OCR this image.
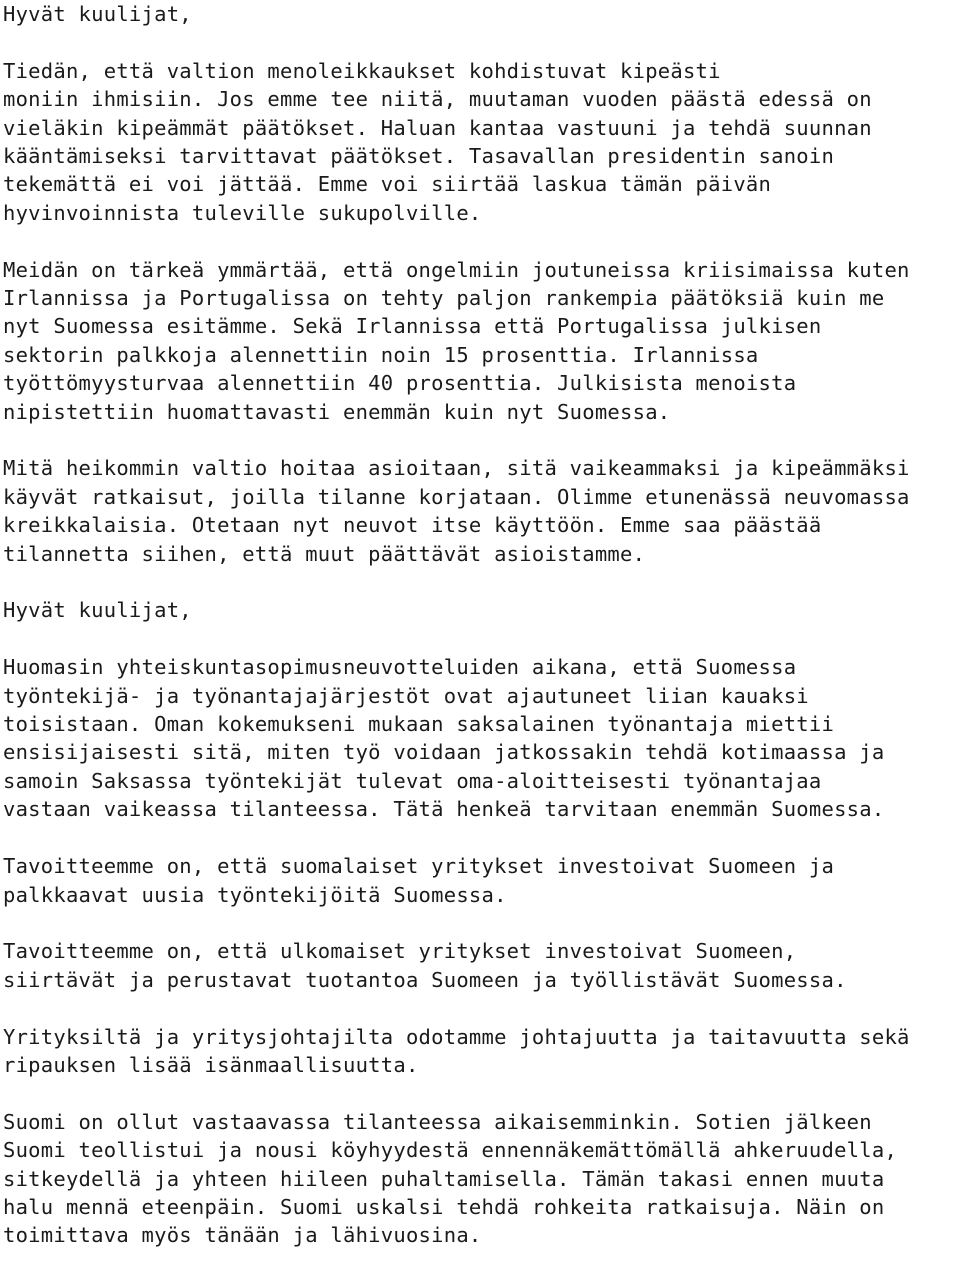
Hyvät kuulijat,
Tiedän, että valtion menoleikkaukset kohdistuvat kipeästi
moniin ihmisiin. Jos emme tee niitä, muutaman vuoden päästä edessä on
vieläkin kipeämmät päätökset. Haluan kantaa vastuuni ja tehdä suunnan
kääntämiseksi tarvittavat päätökset. Tasavallan presidentin sanoin
tekemättä ei voi jättää. Emme voi siirtää laskua tämän päivän
hyvinvoinnista tuleville sukupolville.
Meidän on tärkeä ymmärtää, että ongelmiin joutuneissa kriisimaissa kuten
Irlannissa ja Portugalissa on tehty paljon rankempia päätöksiä kuin me
nyt Suomessa esitämme. Sekä Irlannissa että Portugalissa julkisen
sektorin palkkoja alennettiin noin 15 prosenttia. Irlannissa
työttömyysturvaa alennettiin 40 prosenttia. Julkisista menoista
nipistettiin huomattavasti enemmän kuin nyt Suomessa.
Mitä heikommin valtio hoitaa asioitaan, sitä vaikeammaksi ja kipeämmäksi
käyvät ratkaisut, joilla tilanne korjataan. Olimme etunenässä neuvomassa
kreikkalaisia. Otetaan nyt neuvot itse käyttöön. Emme saa päästää
tilannetta siihen, että muut päättävät asioistamme.
Hyvät kuulijat,
Huomasin yhteiskuntasopimusneuvotteluiden aikana, että Suomessa
työntekijä- ja työnantajajärjestöt ovat ajautuneet liian kauaksi
toisistaan. Oman kokemukseni mukaan saksalainen työnantaja miettii
ensisijaisesti sitä, miten työ voidaan jatkossakin tehdä kotimaassa ja
samoin Saksassa työntekijät tulevat oma-aloitteisesti työnantajaa
vastaan vaikeassa tilanteessa. Tätä henkeä tarvitaan enemmän Suomessa.
Tavoitteemme on, että suomalaiset yritykset investoivat Suomeen ja
palkkaavat uusia työntekijöitä Suomessa.
Tavoitteemme on, että ulkomaiset yritykset investoivat Suomeen,
siirtävät ja perustavat tuotantoa Suomeen ja työllistävät Suomessa.
Yrityksiltä ja yritysjohtajilta odotamme johtajuutta ja taitavuutta sekä
ripauksen lisää isänmaallisuutta.
Suomi on ollut vastaavassa tilanteessa aikaisemminkin. Sotien jälkeen
Suomi teollistui ja nousi köyhyydestä ennennäkemättömällä ahkeruudella,
sitkeydellä ja yhteen hiileen puhaltamisella. Tämän takasi ennen muuta
halu mennä eteenpäin. Suomi uskalsi tehdä rohkeita ratkaisuja. Näin on
toimittava myös tänään ja lähivuosina.
